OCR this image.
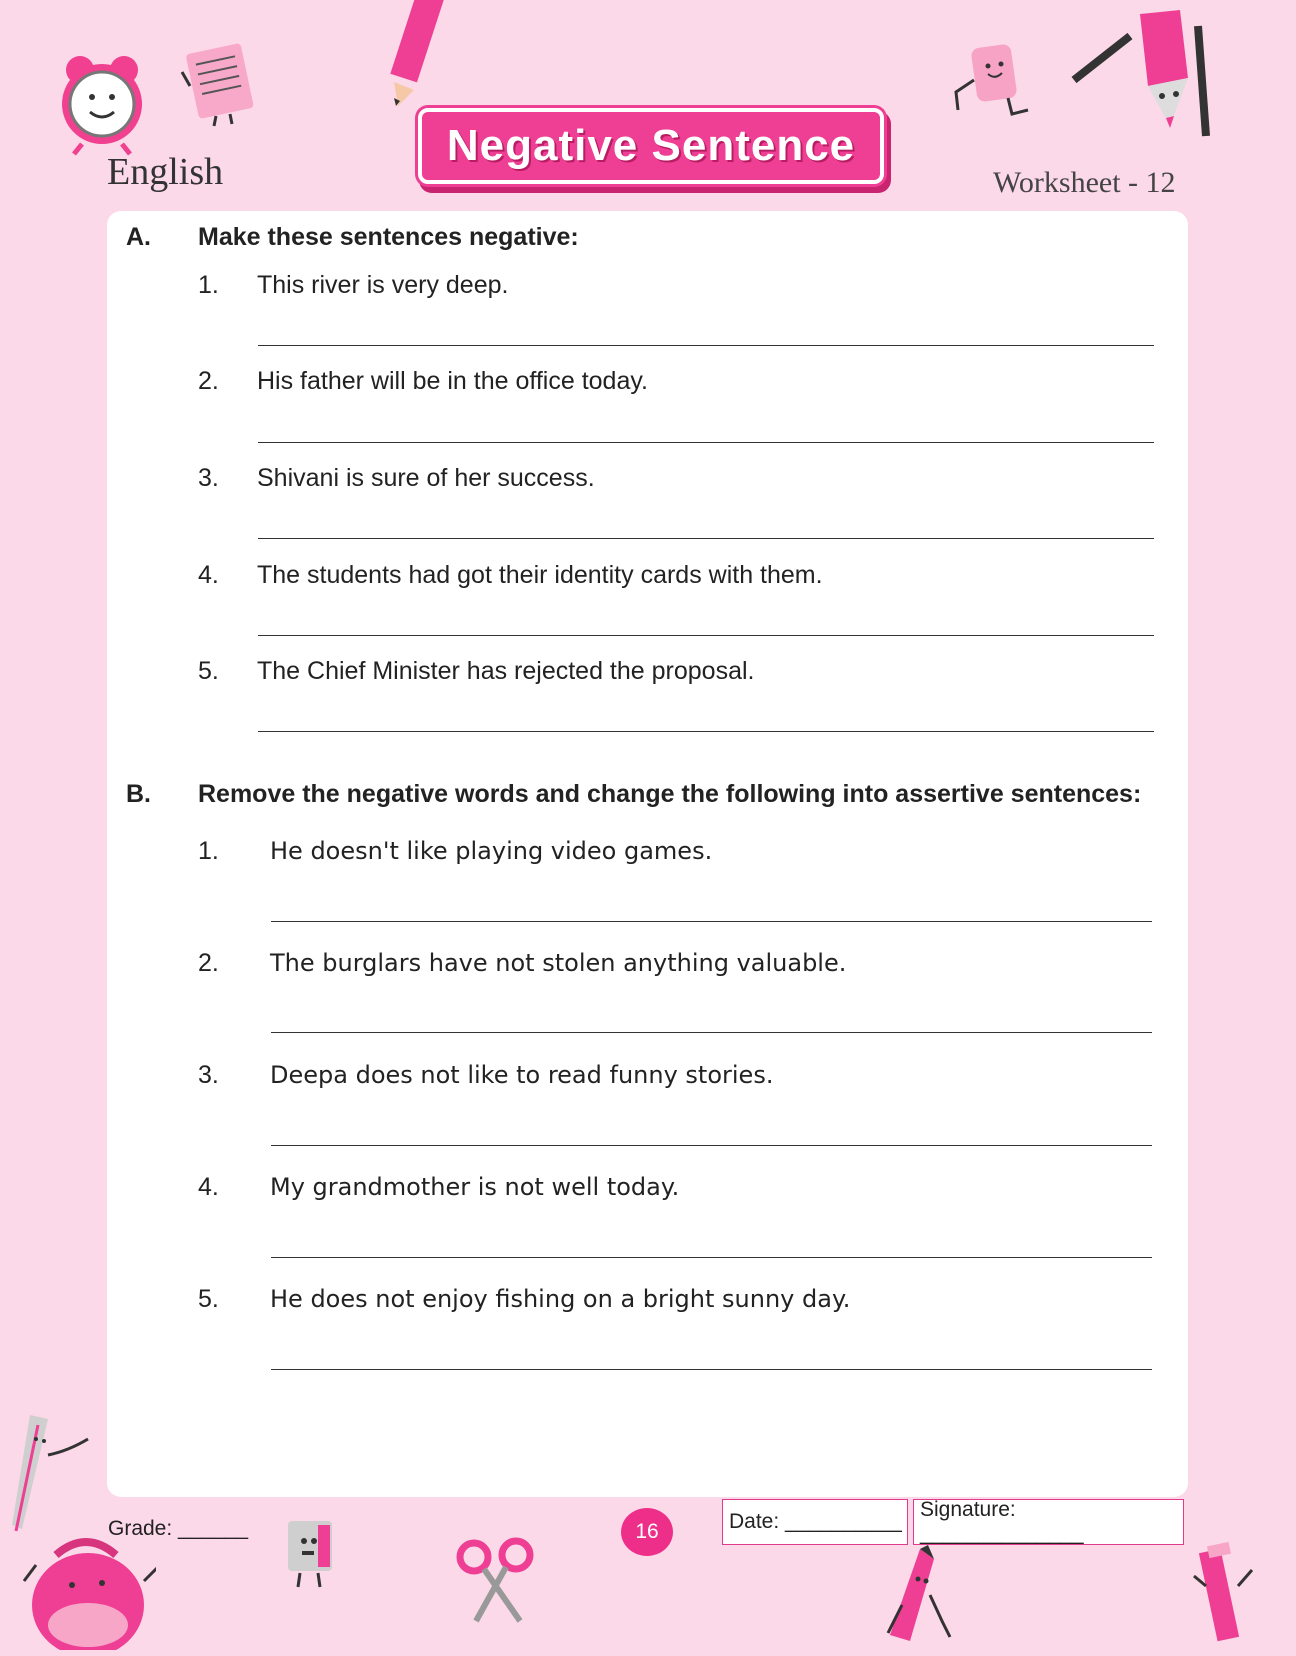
English
Negative Sentence
Worksheet - 12
A. Make these sentences negative:
1. This river is very deep.
2. His father will be in the office today.
3. Shivani is sure of her success.
4. The students had got their identity cards with them.
5. The Chief Minister has rejected the proposal.
B. Remove the negative words and change the following into assertive sentences:
1. He doesn't like playing video games.
2. The burglars have not stolen anything valuable.
3. Deepa does not like to read funny stories.
4. My grandmother is not well today.
5. He does not enjoy fishing on a bright sunny day.
Grade: ______	16	Date: __________
Signature: ______________
